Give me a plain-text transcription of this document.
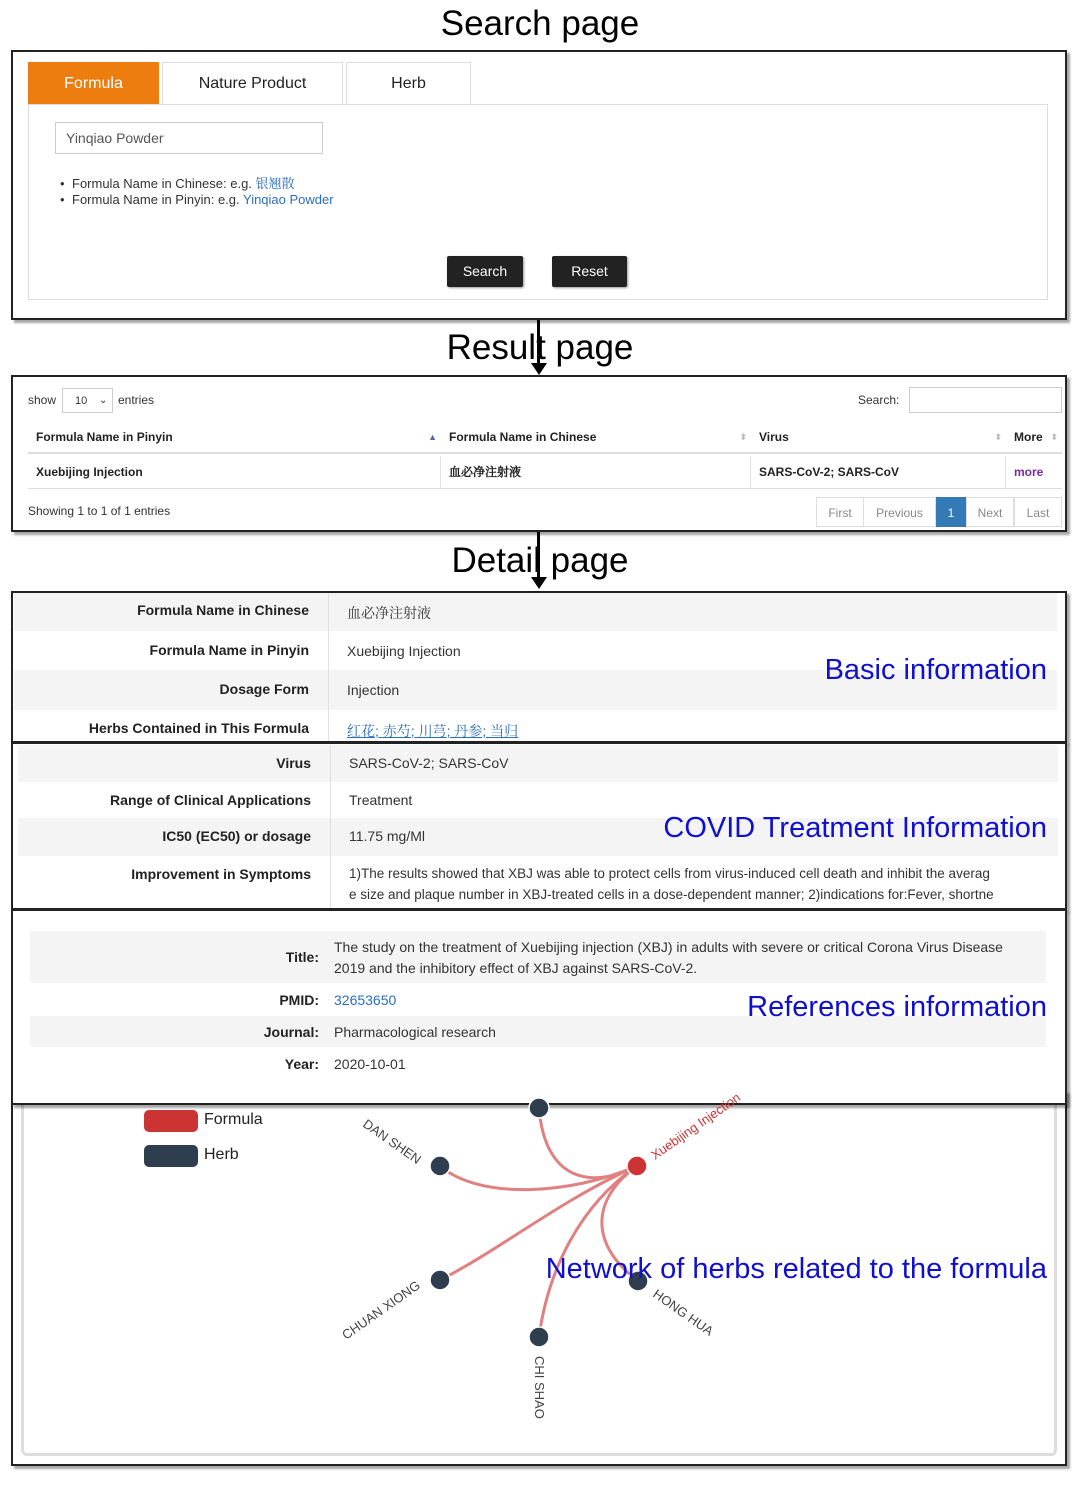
Search page
Formula	Nature Product	Herb
Yinqiao Powder
• Formula Name in Chinese: e.g. 银翘散
• Formula Name in Pinyin: e.g. Yinqiao Powder
Search	Reset
Result page
show	10 ⌄ entries	Search:
Formula Name in Pinyin	▲	Formula Name in Chinese	⬍	Virus	⬍	More ⬍
Xuebijing Injection	血必净注射液	SARS-CoV-2; SARS-CoV	more
Showing 1 to 1 of 1 entries	First	Previous	1	Next	Last
Detail page
Formula Name in Chinese	血必净注射液
Formula Name in Pinyin	Xuebijing Injection
Dosage Form	Injection
Herbs Contained in This Formula	红花; 赤芍; 川芎; 丹参; 当归
Basic information
Virus	SARS-CoV-2; SARS-CoV
Range of Clinical Applications	Treatment
IC50 (EC50) or dosage	11.75 mg/Ml
Improvement in Symptoms	1)The results showed that XBJ was able to protect cells from virus-induced cell death and inhibit the averag
e size and plaque number in XBJ-treated cells in a dose-dependent manner; 2)indications for:Fever, shortne
COVID Treatment Information
Title:
The study on the treatment of Xuebijing injection (XBJ) in adults with severe or critical Corona Virus Disease
2019 and the inhibitory effect of XBJ against SARS-CoV-2.
PMID: 32653650
Journal: Pharmacological research
Year: 2020-10-01
References information
Formula
Herb	Xuebijing Injection
DAN SHEN
CHUAN XIONG
CHI SHAO
HONG HUA
Network of herbs related to the formula
